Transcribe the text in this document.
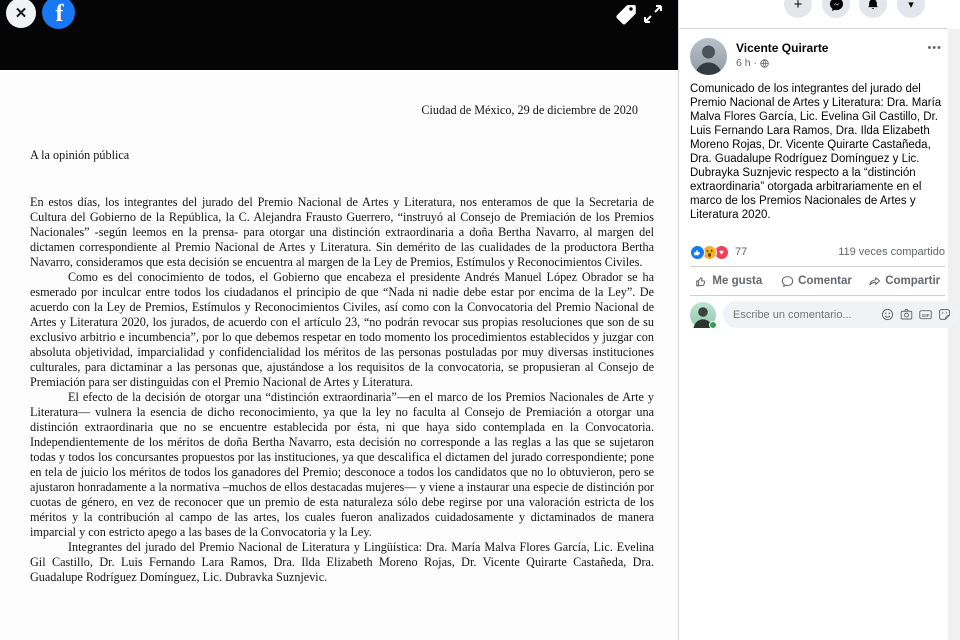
✕ f
Ciudad de México, 29 de diciembre de 2020
A la opinión pública

En estos días, los integrantes del jurado del Premio Nacional de Artes y Literatura, nos enteramos de que la Secretaria de Cultura del Gobierno de la República, la C. Alejandra Frausto Guerrero, “instruyó al Consejo de Premiación de los Premios Nacionales” -según leemos en la prensa- para otorgar una distinción extraordinaria a doña Bertha Navarro, al margen del dictamen correspondiente al Premio Nacional de Artes y Literatura. Sin demérito de las cualidades de la productora Bertha Navarro, consideramos que esta decisión se encuentra al margen de la Ley de Premios, Estímulos y Reconocimientos Civiles.

Como es del conocimiento de todos, el Gobierno que encabeza el presidente Andrés Manuel López Obrador se ha esmerado por inculcar entre todos los ciudadanos el principio de que “Nada ni nadie debe estar por encima de la Ley”. De acuerdo con la Ley de Premios, Estímulos y Reconocimientos Civiles, así como con la Convocatoria del Premio Nacional de Artes y Literatura 2020, los jurados, de acuerdo con el artículo 23, “no podrán revocar sus propias resoluciones que son de su exclusivo arbitrio e incumbencia”, por lo que debemos respetar en todo momento los procedimientos establecidos y juzgar con absoluta objetividad, imparcialidad y confidencialidad los méritos de las personas postuladas por muy diversas instituciones culturales, para dictaminar a las personas que, ajustándose a los requisitos de la convocatoria, se propusieran al Consejo de Premiación para ser distinguidas con el Premio Nacional de Artes y Literatura.

El efecto de la decisión de otorgar una “distinción extraordinaria”—en el marco de los Premios Nacionales de Arte y Literatura— vulnera la esencia de dicho reconocimiento, ya que la ley no faculta al Consejo de Premiación a otorgar una distinción extraordinaria que no se encuentre establecida por ésta, ni que haya sido contemplada en la Convocatoria. Independientemente de los méritos de doña Bertha Navarro, esta decisión no corresponde a las reglas a las que se sujetaron todas y todos los concursantes propuestos por las instituciones, ya que descalifica el dictamen del jurado correspondiente; pone en tela de juicio los méritos de todos los ganadores del Premio; desconoce a todos los candidatos que no lo obtuvieron, pero se ajustaron honradamente a la normativa –muchos de ellos destacadas mujeres— y viene a instaurar una especie de distinción por cuotas de género, en vez de reconocer que un premio de esta naturaleza sólo debe regirse por una valoración estricta de los méritos y la contribución al campo de las artes, los cuales fueron analizados cuidadosamente y dictaminados de manera imparcial y con estricto apego a las bases de la Convocatoria y la Ley.

Integrantes del jurado del Premio Nacional de Literatura y Lingüística: Dra. María Malva Flores García, Lic. Evelina Gil Castillo, Dr. Luis Fernando Lara Ramos, Dra. Ilda Elizabeth Moreno Rojas, Dr. Vicente Quirarte Castañeda, Dra. Guadalupe Rodríguez Domínguez, Lic. Dubravka Suznjevic.

+	▾
Vicente Quirarte
6 h ·
•••
Comunicado de los integrantes del jurado del Premio Nacional de Artes y Literatura: Dra. María Malva Flores García, Lic. Evelina Gil Castillo, Dr. Luis Fernando Lara Ramos, Dra. Ilda Elizabeth Moreno Rojas, Dr. Vicente Quirarte Castañeda, Dra. Guadalupe Rodríguez Domínguez y Lic. Dubrayka Suznjevic respecto a la “distinción extraordinaria” otorgada arbitrariamente en el marco de los Premios Nacionales de Artes y Literatura 2020.
♥ 77	119 veces compartido
Me gusta	Comentar	Compartir
Escribe un comentario...
GIF
